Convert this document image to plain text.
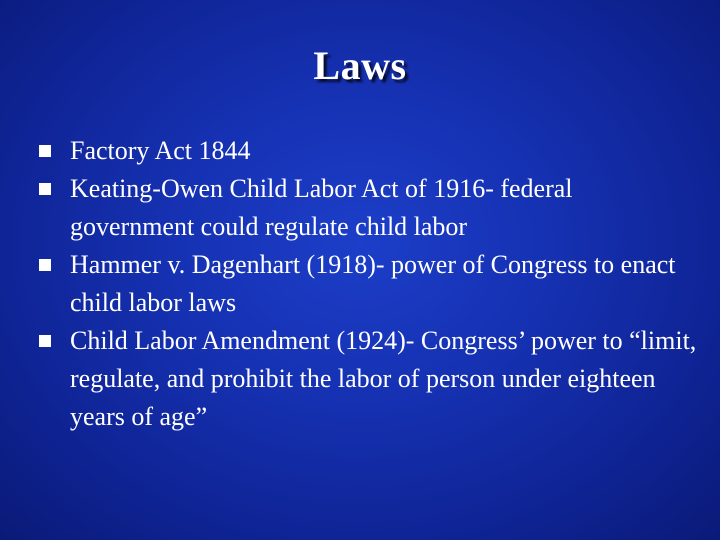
Laws
Factory Act 1844
Keating-Owen Child Labor Act of 1916- federal government could regulate child labor
Hammer v. Dagenhart (1918)- power of Congress to enact child labor laws
Child Labor Amendment (1924)- Congress’ power to “limit, regulate, and prohibit the labor of person under eighteen years of age”
